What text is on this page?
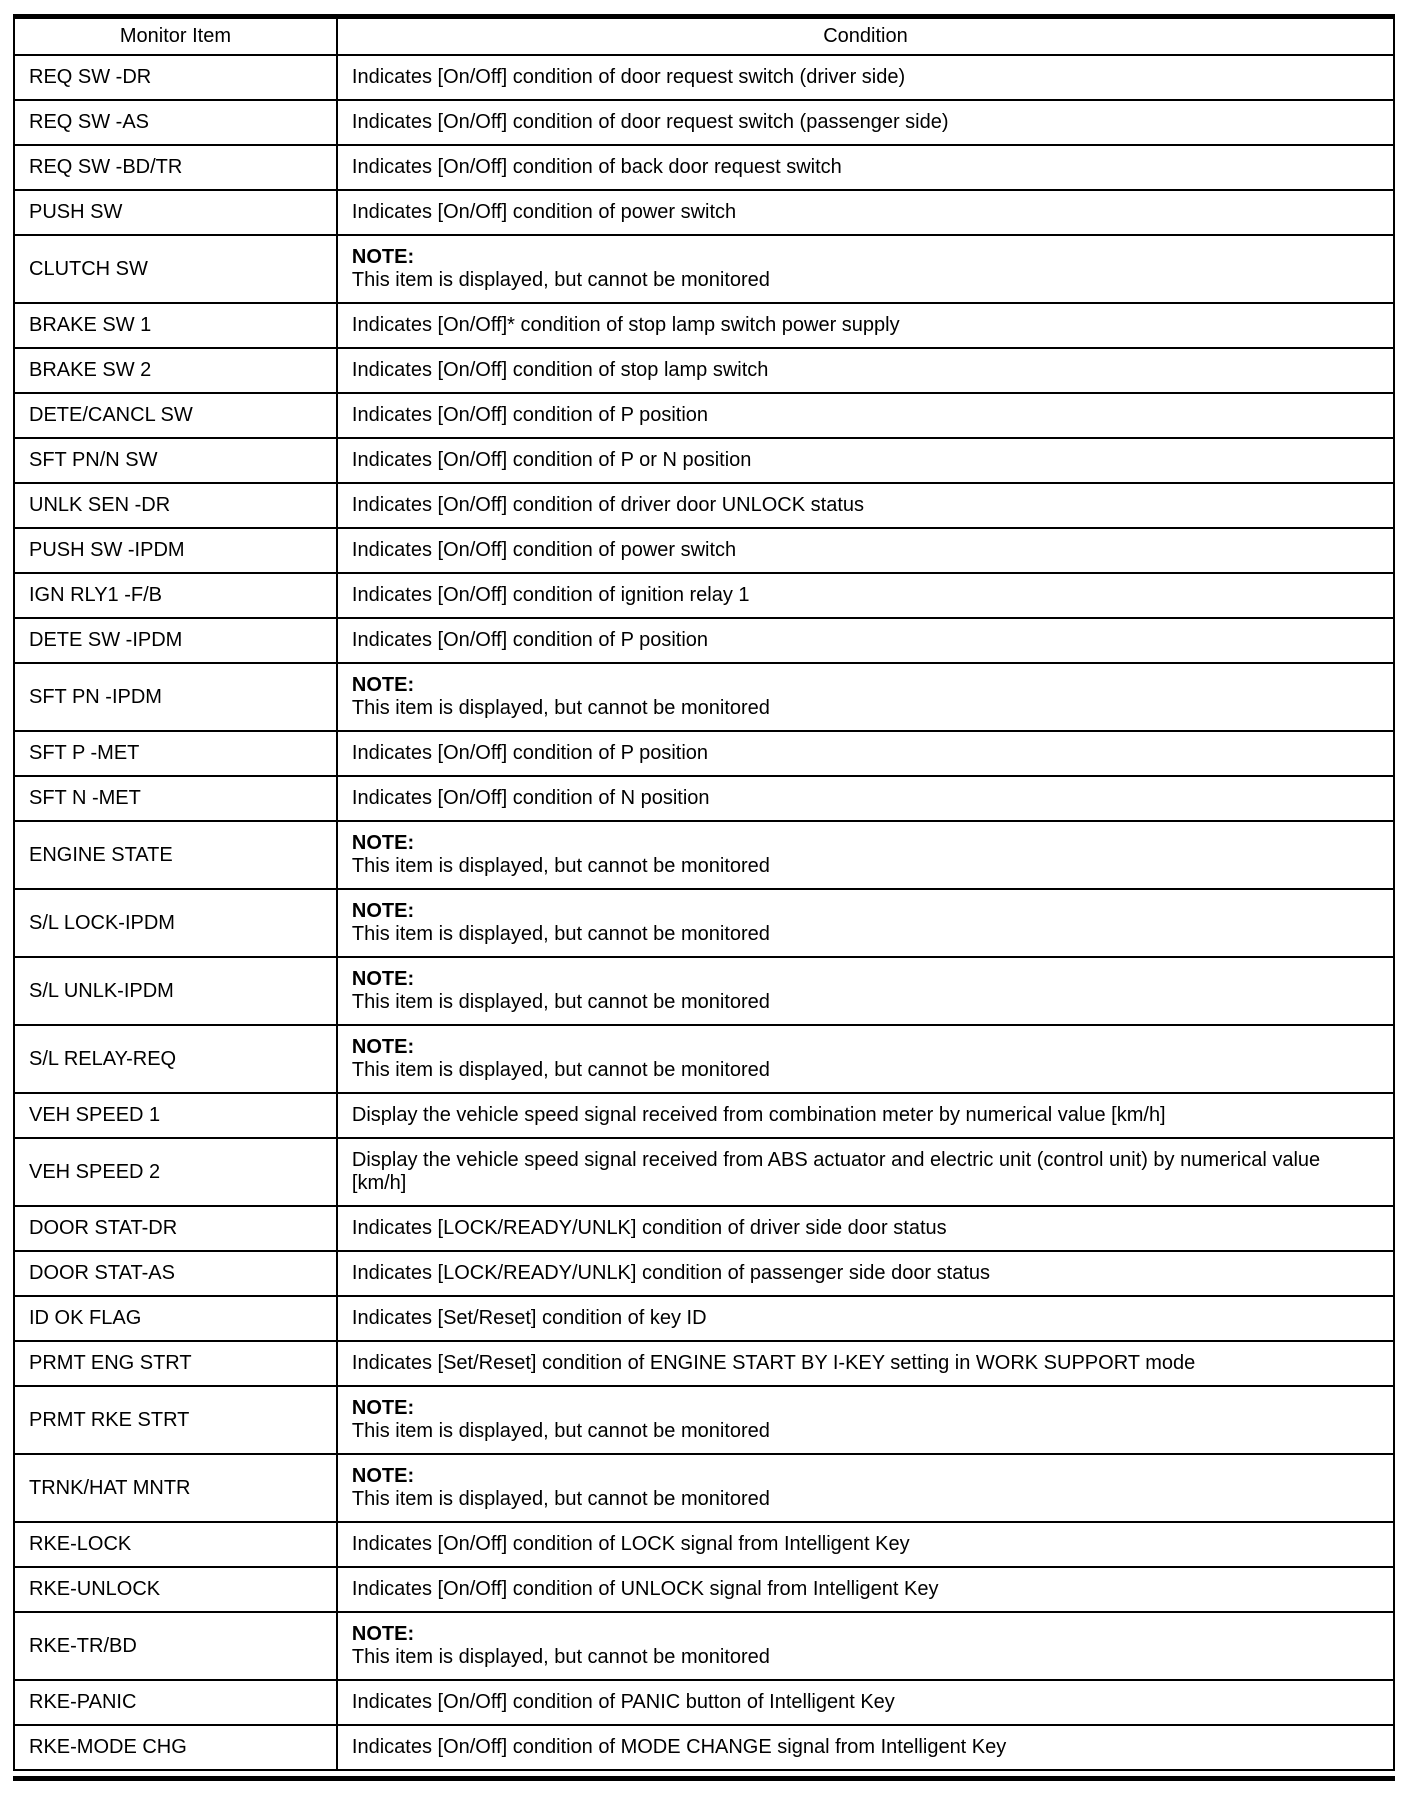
Monitor Item	Condition
REQ SW -DR	Indicates [On/Off] condition of door request switch (driver side)
REQ SW -AS	Indicates [On/Off] condition of door request switch (passenger side)
REQ SW -BD/TR	Indicates [On/Off] condition of back door request switch
PUSH SW	Indicates [On/Off] condition of power switch
CLUTCH SW	NOTE:
This item is displayed, but cannot be monitored

BRAKE SW 1	Indicates [On/Off]* condition of stop lamp switch power supply
BRAKE SW 2	Indicates [On/Off] condition of stop lamp switch
DETE/CANCL SW	Indicates [On/Off] condition of P position
SFT PN/N SW	Indicates [On/Off] condition of P or N position
UNLK SEN -DR	Indicates [On/Off] condition of driver door UNLOCK status
PUSH SW -IPDM	Indicates [On/Off] condition of power switch
IGN RLY1 -F/B	Indicates [On/Off] condition of ignition relay 1
DETE SW -IPDM	Indicates [On/Off] condition of P position
SFT PN -IPDM	NOTE:
This item is displayed, but cannot be monitored

SFT P -MET	Indicates [On/Off] condition of P position
SFT N -MET	Indicates [On/Off] condition of N position
ENGINE STATE	NOTE:
This item is displayed, but cannot be monitored

S/L LOCK-IPDM	NOTE:
This item is displayed, but cannot be monitored

S/L UNLK-IPDM	NOTE:
This item is displayed, but cannot be monitored

S/L RELAY-REQ	NOTE:
This item is displayed, but cannot be monitored

VEH SPEED 1	Display the vehicle speed signal received from combination meter by numerical value [km/h]
VEH SPEED 2	Display the vehicle speed signal received from ABS actuator and electric unit (control unit) by numerical value [km/h]
DOOR STAT-DR	Indicates [LOCK/READY/UNLK] condition of driver side door status
DOOR STAT-AS	Indicates [LOCK/READY/UNLK] condition of passenger side door status
ID OK FLAG	Indicates [Set/Reset] condition of key ID
PRMT ENG STRT	Indicates [Set/Reset] condition of ENGINE START BY I-KEY setting in WORK SUPPORT mode
PRMT RKE STRT	NOTE:
This item is displayed, but cannot be monitored

TRNK/HAT MNTR	NOTE:
This item is displayed, but cannot be monitored

RKE-LOCK	Indicates [On/Off] condition of LOCK signal from Intelligent Key
RKE-UNLOCK	Indicates [On/Off] condition of UNLOCK signal from Intelligent Key
RKE-TR/BD	NOTE:
This item is displayed, but cannot be monitored

RKE-PANIC	Indicates [On/Off] condition of PANIC button of Intelligent Key
RKE-MODE CHG	Indicates [On/Off] condition of MODE CHANGE signal from Intelligent Key
